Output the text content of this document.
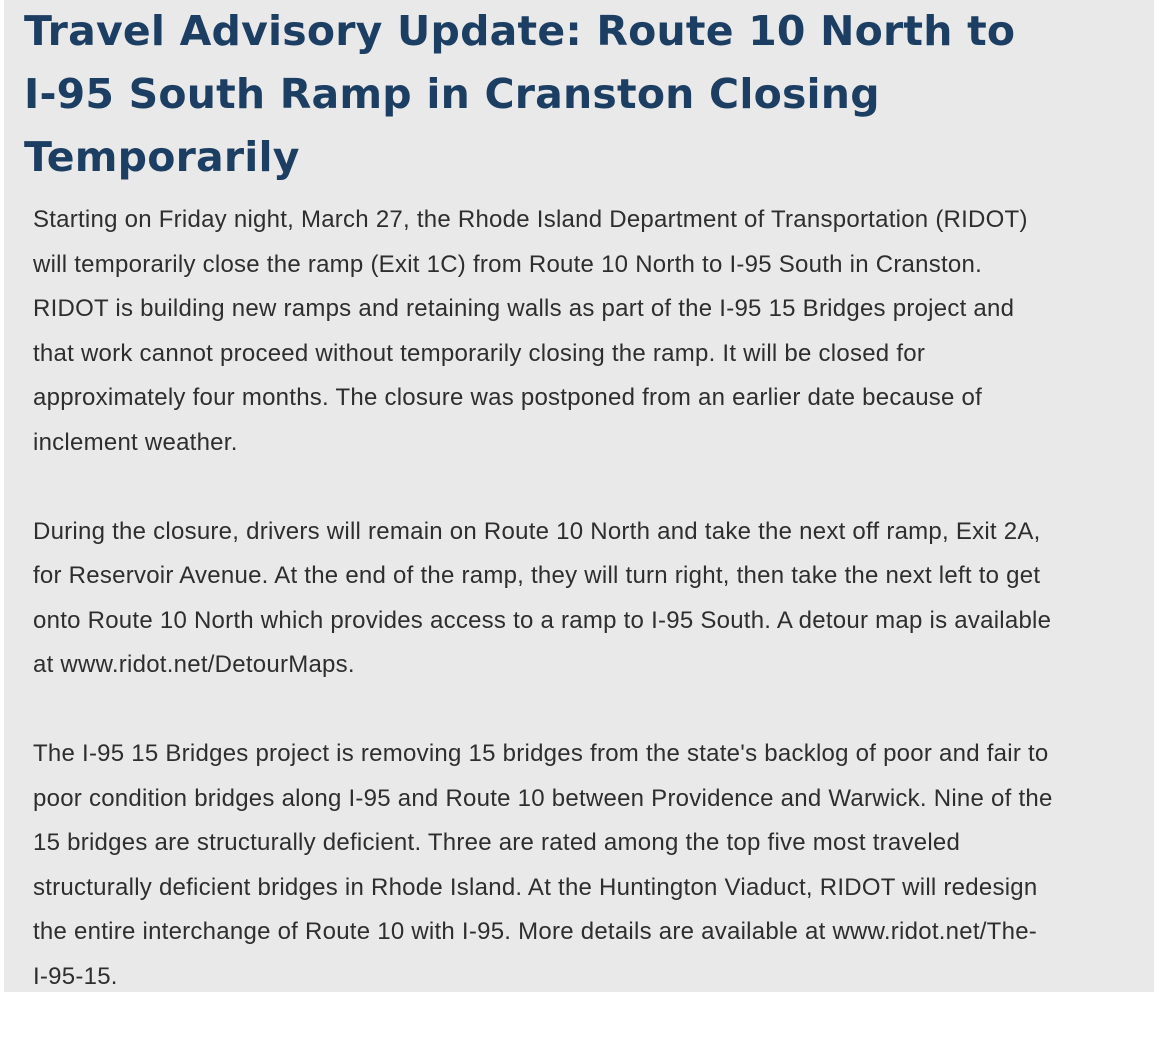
Travel Advisory Update: Route 10 North to
I-95 South Ramp in Cranston Closing
Temporarily

Starting on Friday night, March 27, the Rhode Island Department of Transportation (RIDOT)
will temporarily close the ramp (Exit 1C) from Route 10 North to I-95 South in Cranston.
RIDOT is building new ramps and retaining walls as part of the I-95 15 Bridges project and
that work cannot proceed without temporarily closing the ramp. It will be closed for
approximately four months. The closure was postponed from an earlier date because of
inclement weather.

During the closure, drivers will remain on Route 10 North and take the next off ramp, Exit 2A,
for Reservoir Avenue. At the end of the ramp, they will turn right, then take the next left to get
onto Route 10 North which provides access to a ramp to I-95 South. A detour map is available
at www.ridot.net/DetourMaps.

The I-95 15 Bridges project is removing 15 bridges from the state's backlog of poor and fair to
poor condition bridges along I-95 and Route 10 between Providence and Warwick. Nine of the
15 bridges are structurally deficient. Three are rated among the top five most traveled
structurally deficient bridges in Rhode Island. At the Huntington Viaduct, RIDOT will redesign
the entire interchange of Route 10 with I-95. More details are available at www.ridot.net/The-
I-95-15.
